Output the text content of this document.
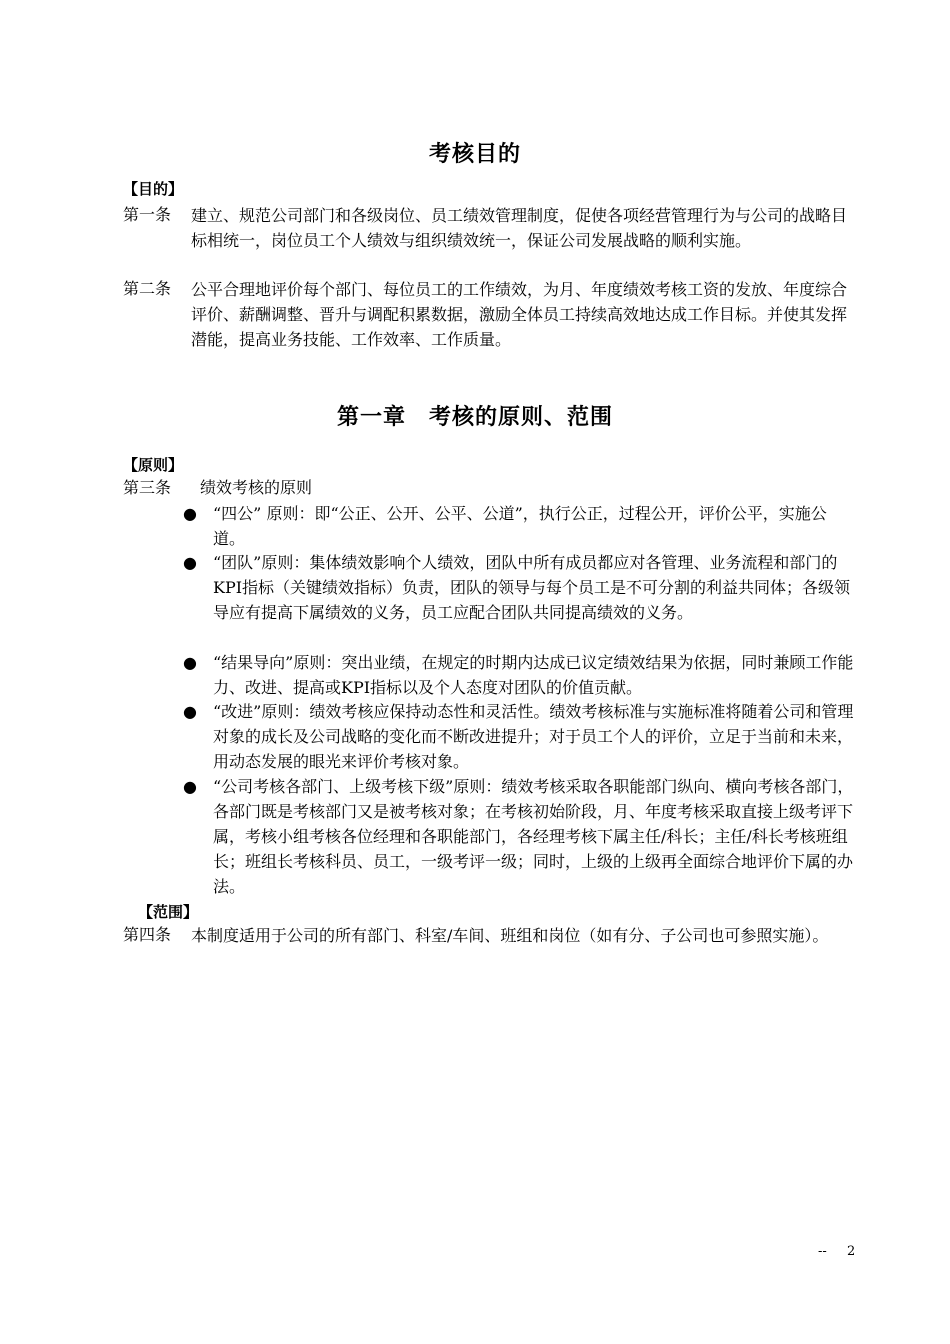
考核目的
【目的】
第一条 建立、规范公司部门和各级岗位、员工绩效管理制度，促使各项经营管理行为与公司的战略目标相统一，岗位员工个人绩效与组织绩效统一，保证公司发展战略的顺利实施。
第二条 公平合理地评价每个部门、每位员工的工作绩效，为月、年度绩效考核工资的发放、年度综合评价、薪酬调整、晋升与调配积累数据，激励全体员工持续高效地达成工作目标。并使其发挥潜能，提高业务技能、工作效率、工作质量。
第一章　考核的原则、范围
【原则】
第三条 绩效考核的原则
● “四公” 原则：即“公正、公开、公平、公道”，执行公正，过程公开，评价公平，实施公道。
● “团队”原则：集体绩效影响个人绩效，团队中所有成员都应对各管理、业务流程和部门的KPI指标（关键绩效指标）负责，团队的领导与每个员工是不可分割的利益共同体；各级领导应有提高下属绩效的义务，员工应配合团队共同提高绩效的义务。
● “结果导向”原则：突出业绩，在规定的时期内达成已议定绩效结果为依据，同时兼顾工作能力、改进、提高或KPI指标以及个人态度对团队的价值贡献。
● “改进”原则：绩效考核应保持动态性和灵活性。绩效考核标准与实施标准将随着公司和管理对象的成长及公司战略的变化而不断改进提升；对于员工个人的评价，立足于当前和未来，用动态发展的眼光来评价考核对象。
● “公司考核各部门、上级考核下级”原则：绩效考核采取各职能部门纵向、横向考核各部门，各部门既是考核部门又是被考核对象；在考核初始阶段，月、年度考核采取直接上级考评下属，考核小组考核各位经理和各职能部门，各经理考核下属主任/科长；主任/科长考核班组长；班组长考核科员、员工，一级考评一级；同时，上级的上级再全面综合地评价下属的办法。
【范围】
第四条 本制度适用于公司的所有部门、科室/车间、班组和岗位（如有分、子公司也可参照实施）。
-- 2
